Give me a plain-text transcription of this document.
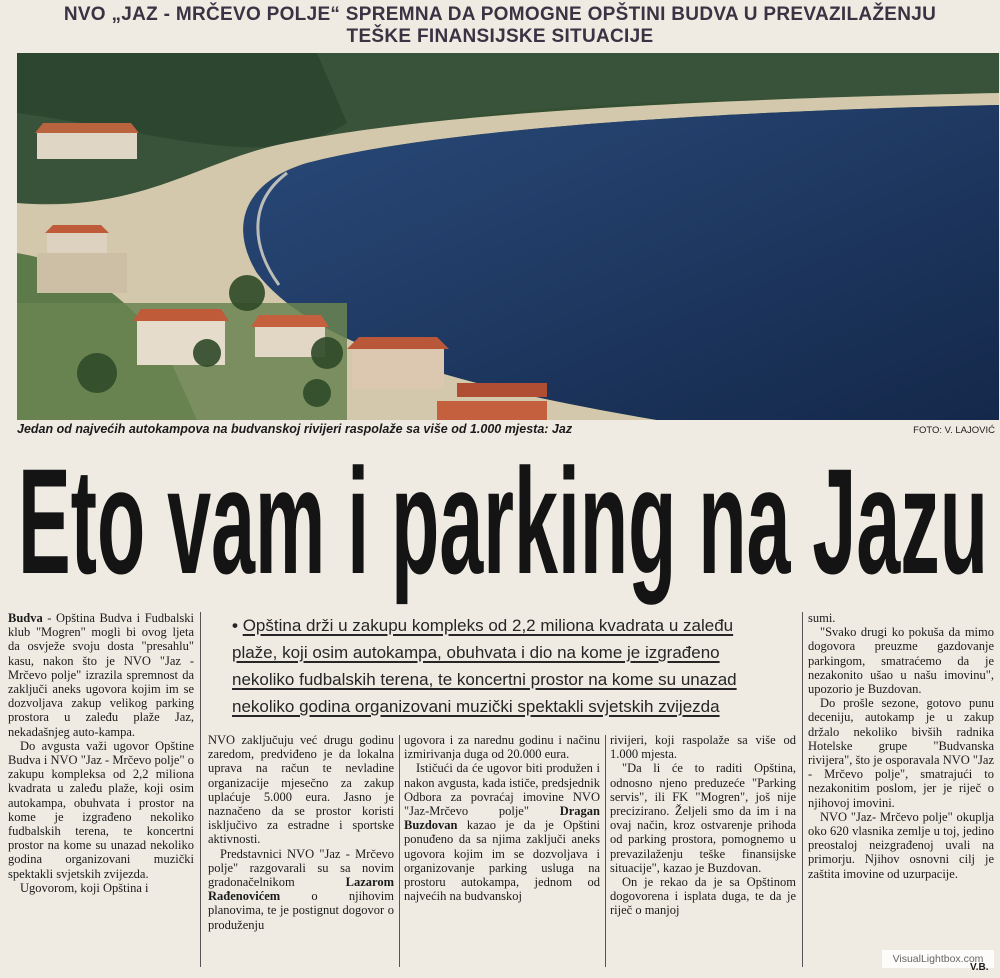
NVO „JAZ - MRČEVO POLJE“ SPREMNA DA POMOGNE OPŠTINI BUDVA U PREVAZILAŽENJU
TEŠKE FINANSIJSKE SITUACIJE
Jedan od najvećih autokampova na budvanskoj rivijeri raspolaže sa više od 1.000 mjesta: Jaz	FOTO: V. LAJOVIĆ
Eto vam i parking na Jazu

Budva - Opština Budva i Fudbalski klub "Mogren" mogli bi ovog ljeta da osvježe svoju dosta "presahlu" kasu, nakon što je NVO "Jaz - Mrčevo polje" izrazila spremnost da zaključi aneks ugovora kojim im se dozvoljava zakup velikog parking prostora u zaleđu plaže Jaz, nekadašnjeg auto-kampa.

Do avgusta važi ugovor Opštine Budva i NVO "Jaz - Mrčevo polje" o zakupu kompleksa od 2,2 miliona kvadrata u zaleđu plaže, koji osim autokampa, obuhvata i prostor na kome je izgrađeno nekoliko fudbalskih terena, te koncertni prostor na kome su unazad nekoliko godina organizovani muzički spektakli svjetskih zvijezda.

Ugovorom, koji Opština i

• Opština drži u zakupu kompleks od 2,2 miliona kvadrata u zaleđu
plaže, koji osim autokampa, obuhvata i dio na kome je izgrađeno
nekoliko fudbalskih terena, te koncertni prostor na kome su unazad
nekoliko godina organizovani muzički spektakli svjetskih zvijezda

NVO zaključuju već drugu godinu zaredom, predviđeno je da lokalna uprava na račun te nevladine organizacije mjesečno za zakup uplaćuje 5.000 eura. Jasno je naznačeno da se prostor koristi isključivo za estradne i sportske aktivnosti.

Predstavnici NVO "Jaz - Mrčevo polje" razgovarali su sa novim gradonačelnikom Lazarom Rađenovićem o njihovim planovima, te je postignut dogovor o produženju

ugovora i za narednu godinu i načinu izmirivanja duga od 20.000 eura.

Ističući da će ugovor biti produžen i nakon avgusta, kada ističe, predsjednik Odbora za povraćaj imovine NVO "Jaz-Mrčevo polje" Dragan Buzdovan kazao je da je Opštini ponuđeno da sa njima zaključi aneks ugovora kojim im se dozvoljava i organizovanje parking usluga na prostoru autokampa, jednom od najvećih na budvanskoj

rivijeri, koji raspolaže sa više od 1.000 mjesta.

"Da li će to raditi Opština, odnosno njeno preduzeće "Parking servis", ili FK "Mogren", još nije precizirano. Željeli smo da im i na ovaj način, kroz ostvarenje prihoda od parking prostora, pomognemo u prevazilaženju teške finansijske situacije", kazao je Buzdovan.

On je rekao da je sa Opštinom dogovorena i isplata duga, te da je riječ o manjoj

sumi.

"Svako drugi ko pokuša da mimo dogovora preuzme gazdovanje parkingom, smatraćemo da je nezakonito ušao u našu imovinu", upozorio je Buzdovan.

Do prošle sezone, gotovo punu deceniju, autokamp je u zakup držalo nekoliko bivših radnika Hotelske grupe "Budvanska rivijera", što je osporavala NVO "Jaz - Mrčevo polje", smatrajući to nezakonitim poslom, jer je riječ o njihovoj imovini.

NVO "Jaz- Mrčevo polje" okuplja oko 620 vlasnika zemlje u toj, jedino preostaloj neizgrađenoj uvali na primorju. Njihov osnovni cilj je zaštita imovine od uzurpacije.

VisualLightbox.com
V.B.
